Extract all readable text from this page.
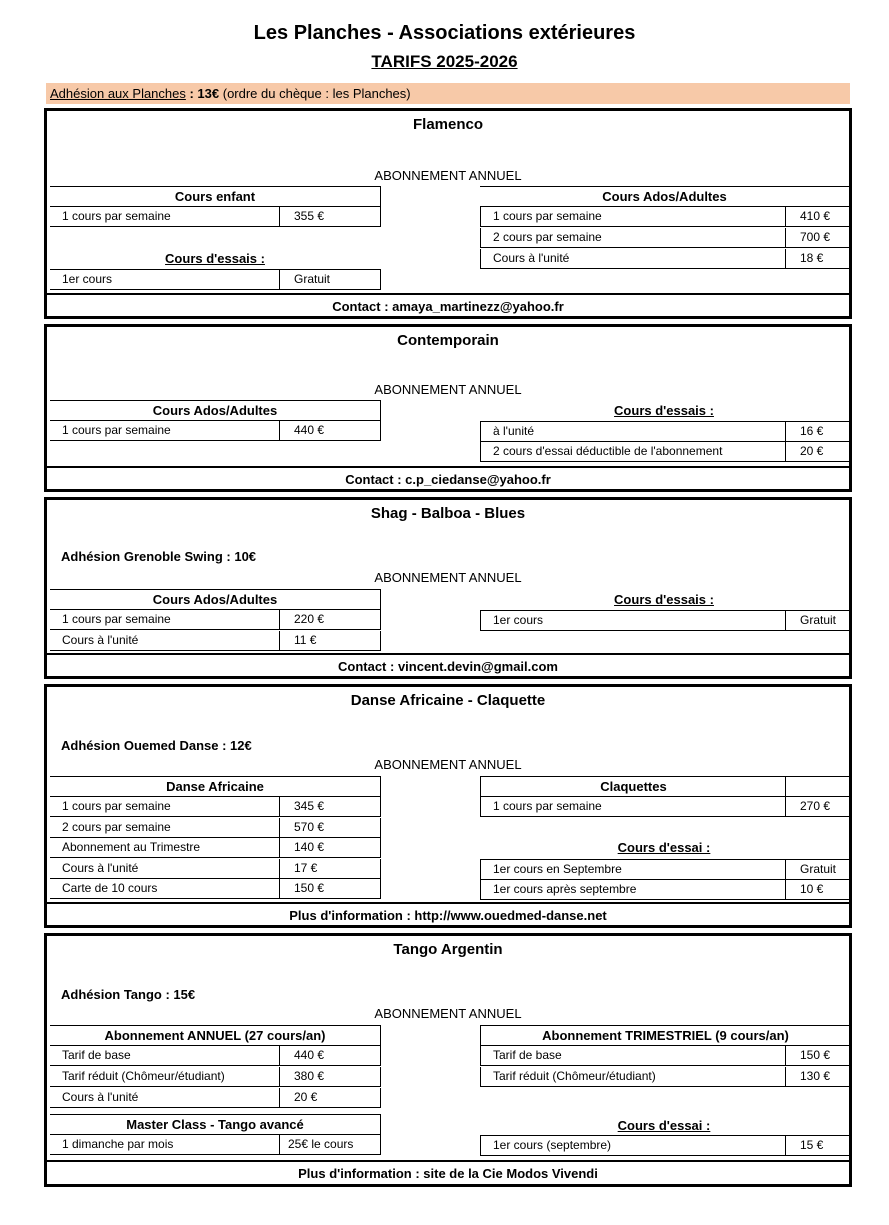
Les Planches - Associations extérieures
TARIFS 2025-2026
Adhésion aux Planches : 13€ (ordre du chèque : les Planches)
Flamenco
ABONNEMENT ANNUEL
Cours enfant
1 cours par semaine	355 €
Cours d'essais :
1er cours	Gratuit
Cours Ados/Adultes
1 cours par semaine	410 €
2 cours par semaine	700 €
Cours à l'unité	18 €
Contact : amaya_martinezz@yahoo.fr
Contemporain
ABONNEMENT ANNUEL
Cours Ados/Adultes
1 cours par semaine	440 €
Cours d'essais :
à l'unité	16 €
2 cours d'essai déductible de l'abonnement	20 €
Contact : c.p_ciedanse@yahoo.fr
Shag - Balboa - Blues
Adhésion Grenoble Swing : 10€
ABONNEMENT ANNUEL
Cours Ados/Adultes
1 cours par semaine	220 €
Cours à l'unité	11 €
Cours d'essais :
1er cours	Gratuit
Contact : vincent.devin@gmail.com
Danse Africaine - Claquette
Adhésion Ouemed Danse : 12€
ABONNEMENT ANNUEL
Danse Africaine
1 cours par semaine	345 €
2 cours par semaine	570 €
Abonnement au Trimestre	140 €
Cours à l'unité	17 €
Carte de 10 cours	150 €
Claquettes
1 cours par semaine	270 €
Cours d'essai :
1er cours en Septembre	Gratuit
1er cours après septembre	10 €
Plus d'information : http://www.ouedmed-danse.net
Tango Argentin
Adhésion Tango : 15€
ABONNEMENT ANNUEL
Abonnement ANNUEL (27 cours/an)
Tarif de base	440 €
Tarif réduit (Chômeur/étudiant)	380 €
Cours à l'unité	20 €
Abonnement TRIMESTRIEL (9 cours/an)
Tarif de base	150 €
Tarif réduit (Chômeur/étudiant)	130 €
Master Class - Tango avancé
1 dimanche par mois	25€ le cours
Cours d'essai :
1er cours (septembre)	15 €
Plus d'information : site de la Cie Modos Vivendi
